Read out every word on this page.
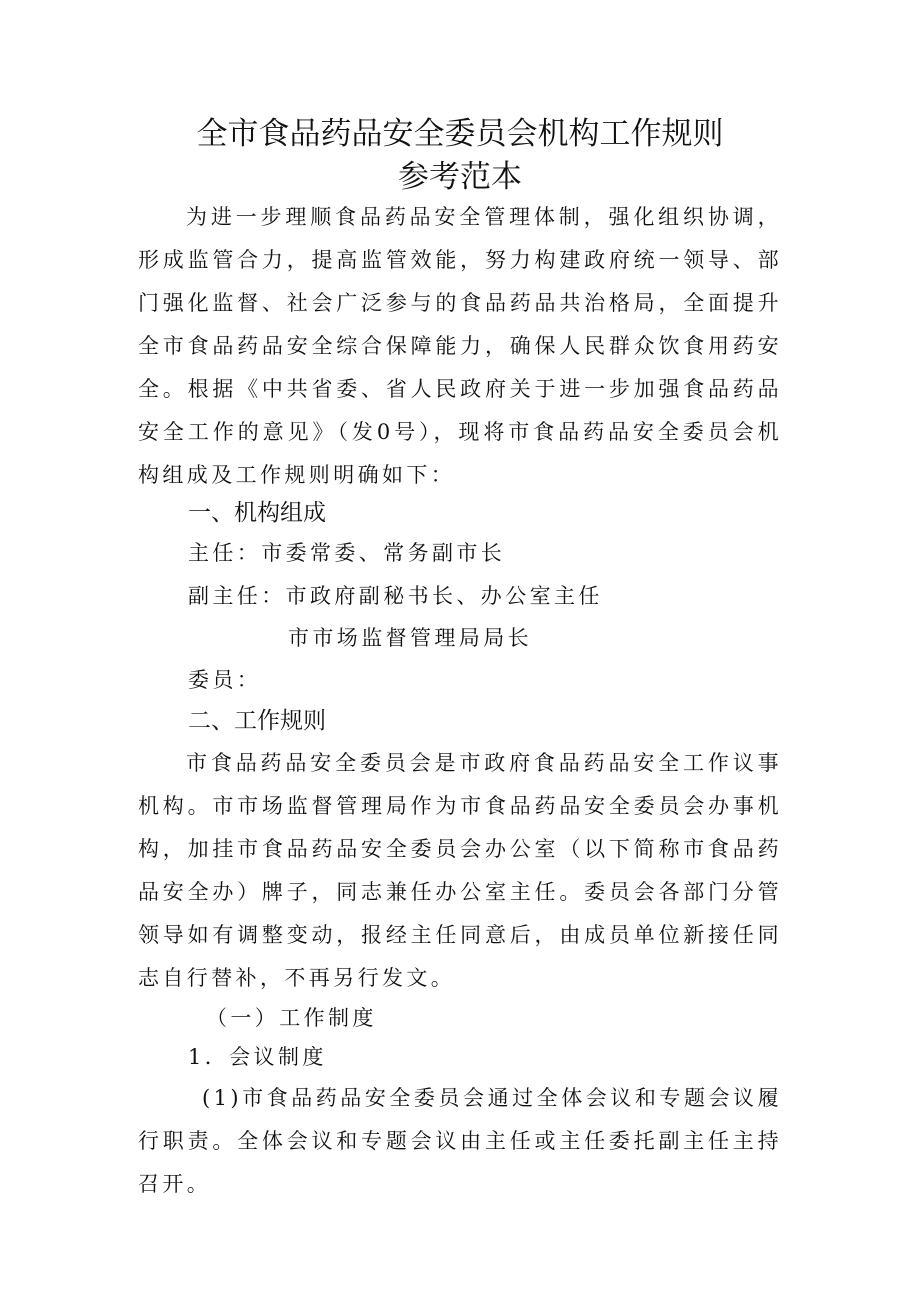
全市食品药品安全委员会机构工作规则
参考范本
为进一步理顺食品药品安全管理体制，强化组织协调，形成监管合力，提高监管效能，努力构建政府统一领导、部门强化监督、社会广泛参与的食品药品共治格局，全面提升全市食品药品安全综合保障能力，确保人民群众饮食用药安全。根据《中共省委、省人民政府关于进一步加强食品药品安全工作的意见》（发0号），现将市食品药品安全委员会机构组成及工作规则明确如下：
一、机构组成
主任：市委常委、常务副市长
副主任：市政府副秘书长、办公室主任
市市场监督管理局局长
委员：
二、工作规则
市食品药品安全委员会是市政府食品药品安全工作议事机构。市市场监督管理局作为市食品药品安全委员会办事机构，加挂市食品药品安全委员会办公室（以下简称市食品药品安全办）牌子，同志兼任办公室主任。委员会各部门分管领导如有调整变动，报经主任同意后，由成员单位新接任同志自行替补，不再另行发文。
（一）工作制度
1．会议制度
(1)市食品药品安全委员会通过全体会议和专题会议履行职责。全体会议和专题会议由主任或主任委托副主任主持召开。
